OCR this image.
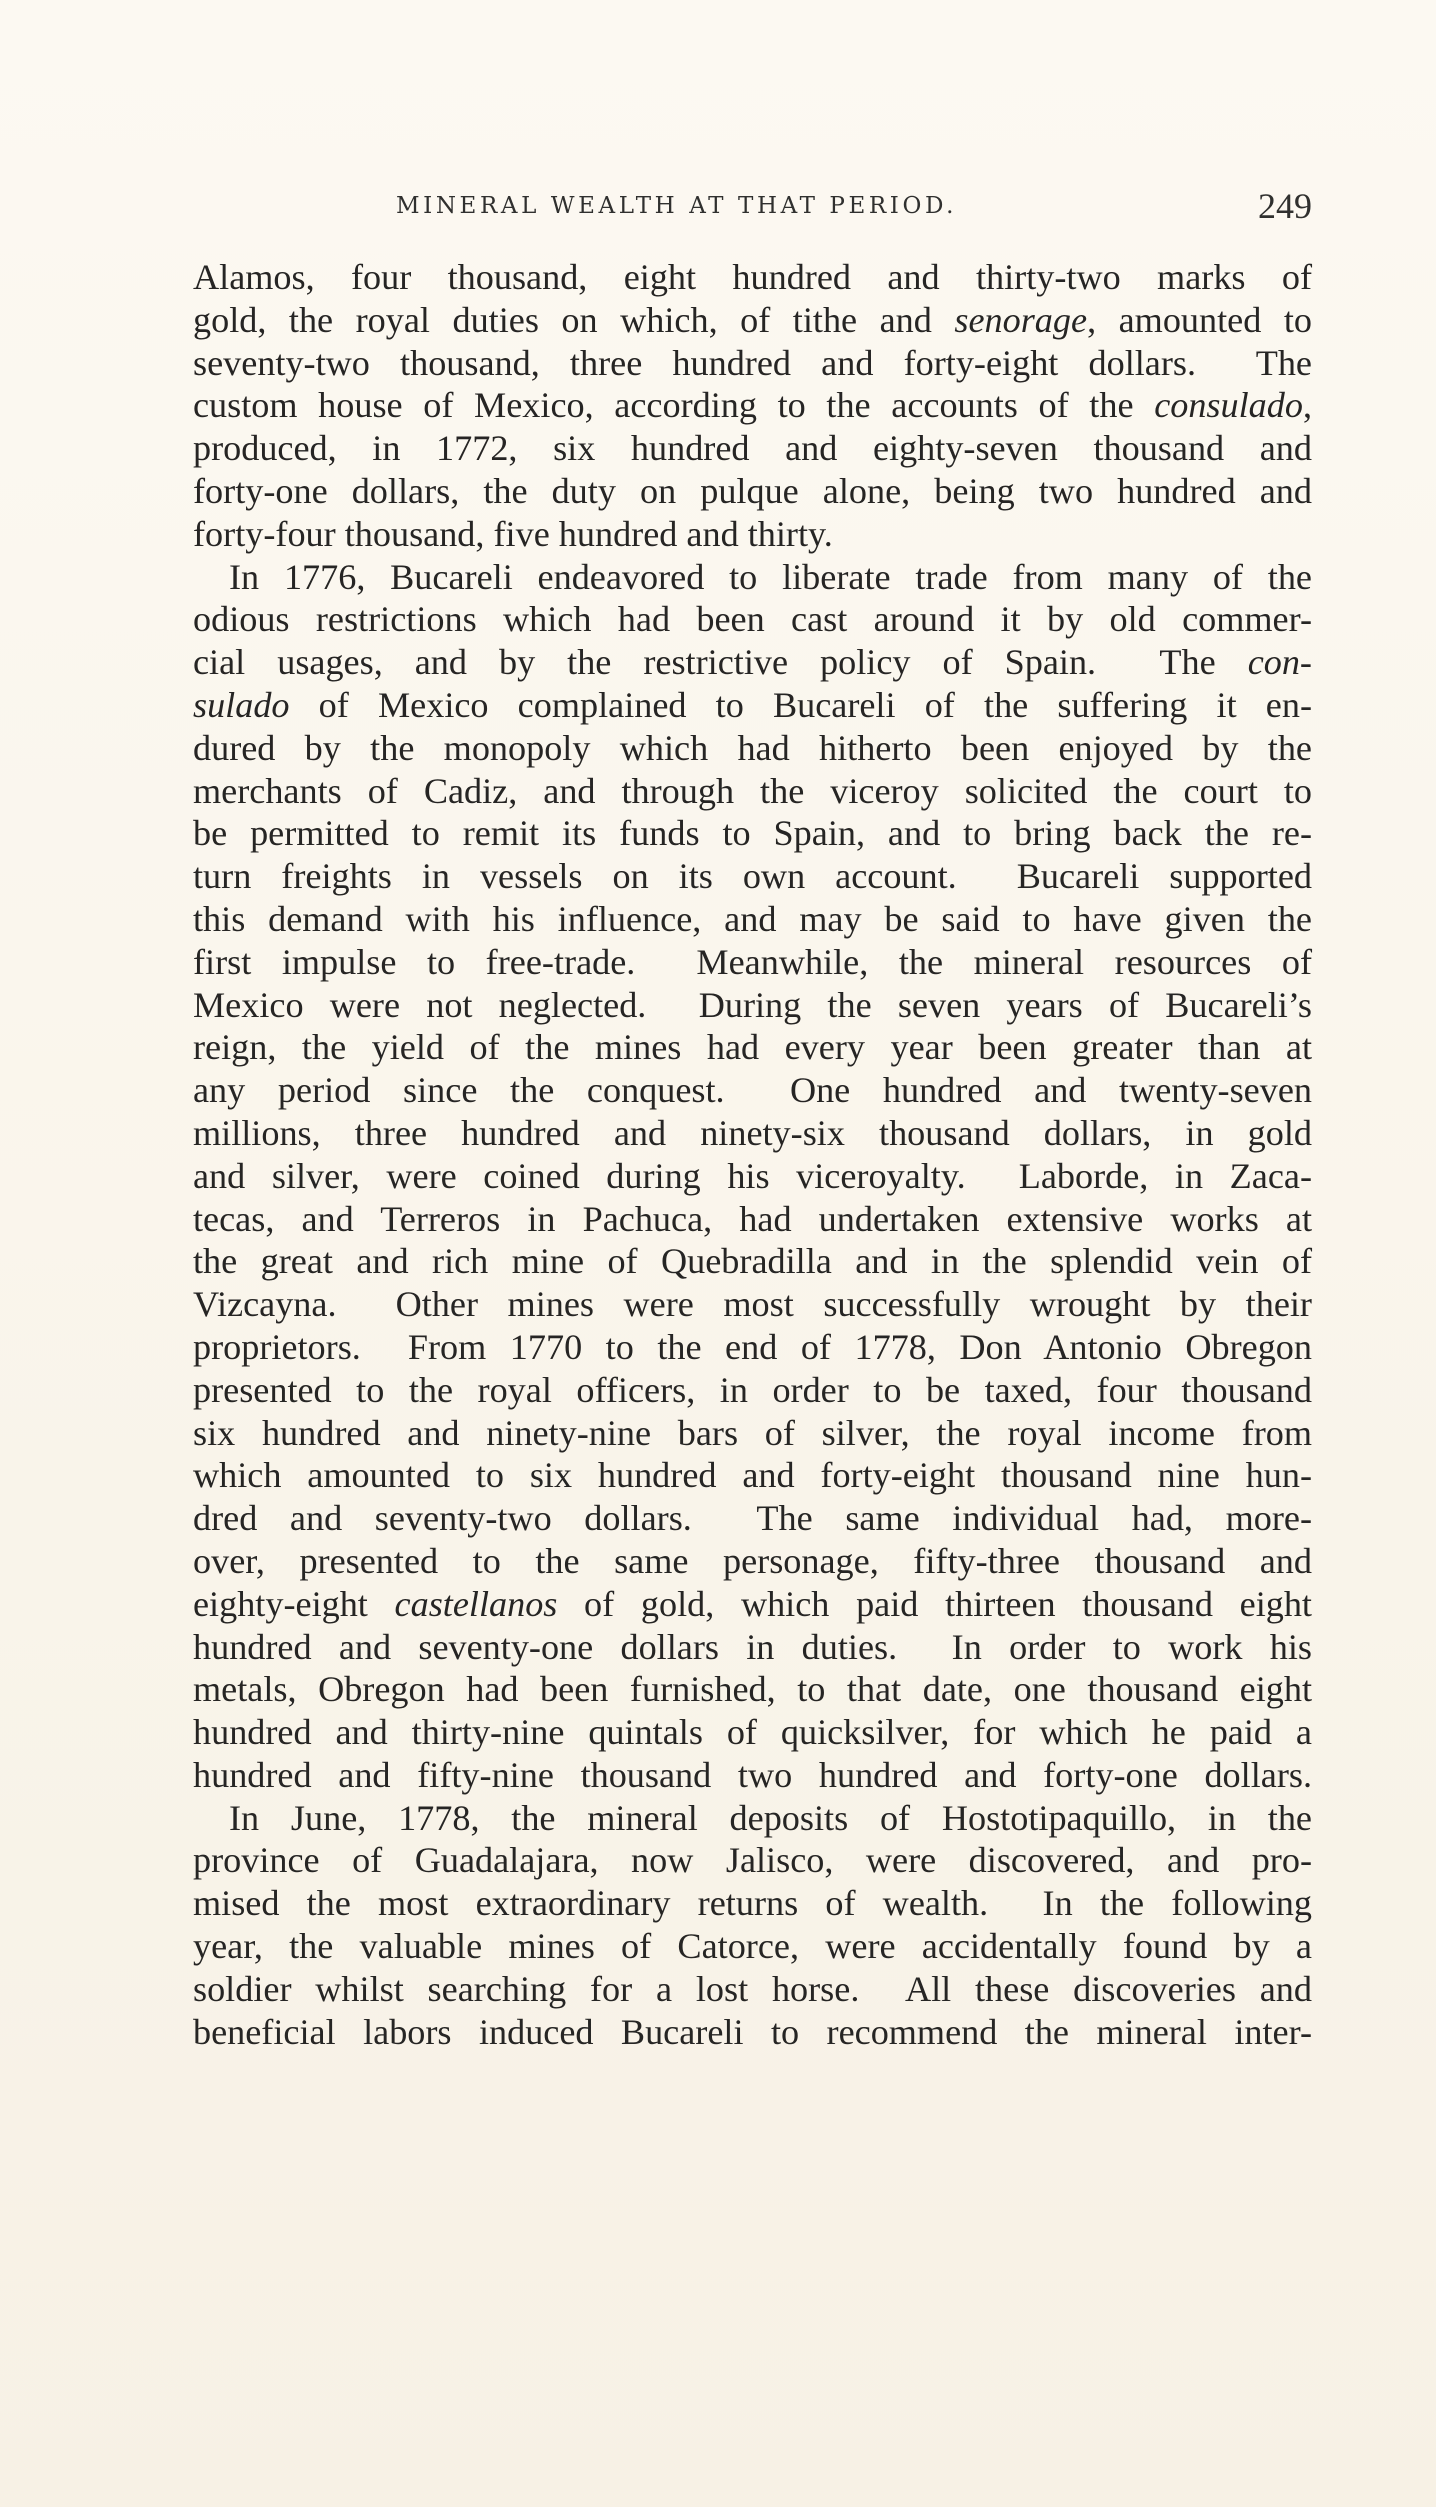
MINERAL WEALTH AT THAT PERIOD.	249
Alamos, four thousand, eight hundred and thirty-two marks of
gold, the royal duties on which, of tithe and senorage, amounted to
seventy-two thousand, three hundred and forty-eight dollars.  The
custom house of Mexico, according to the accounts of the consulado,
produced, in 1772, six hundred and eighty-seven thousand and
forty-one dollars, the duty on pulque alone, being two hundred and
forty-four thousand, five hundred and thirty.
In 1776, Bucareli endeavored to liberate trade from many of the
odious restrictions which had been cast around it by old commer-
cial usages, and by the restrictive policy of Spain.  The con-
sulado of Mexico complained to Bucareli of the suffering it en-
dured by the monopoly which had hitherto been enjoyed by the
merchants of Cadiz, and through the viceroy solicited the court to
be permitted to remit its funds to Spain, and to bring back the re-
turn freights in vessels on its own account.  Bucareli supported
this demand with his influence, and may be said to have given the
first impulse to free-trade.  Meanwhile, the mineral resources of
Mexico were not neglected.  During the seven years of Bucareli’s
reign, the yield of the mines had every year been greater than at
any period since the conquest.  One hundred and twenty-seven
millions, three hundred and ninety-six thousand dollars, in gold
and silver, were coined during his viceroyalty.  Laborde, in Zaca-
tecas, and Terreros in Pachuca, had undertaken extensive works at
the great and rich mine of Quebradilla and in the splendid vein of
Vizcayna.  Other mines were most successfully wrought by their
proprietors.  From 1770 to the end of 1778, Don Antonio Obregon
presented to the royal officers, in order to be taxed, four thousand
six hundred and ninety-nine bars of silver, the royal income from
which amounted to six hundred and forty-eight thousand nine hun-
dred and seventy-two dollars.  The same individual had, more-
over, presented to the same personage, fifty-three thousand and
eighty-eight castellanos of gold, which paid thirteen thousand eight
hundred and seventy-one dollars in duties.  In order to work his
metals, Obregon had been furnished, to that date, one thousand eight
hundred and thirty-nine quintals of quicksilver, for which he paid a
hundred and fifty-nine thousand two hundred and forty-one dollars.
In June, 1778, the mineral deposits of Hostotipaquillo, in the
province of Guadalajara, now Jalisco, were discovered, and pro-
mised the most extraordinary returns of wealth.  In the following
year, the valuable mines of Catorce, were accidentally found by a
soldier whilst searching for a lost horse.  All these discoveries and
beneficial labors induced Bucareli to recommend the mineral inter-
